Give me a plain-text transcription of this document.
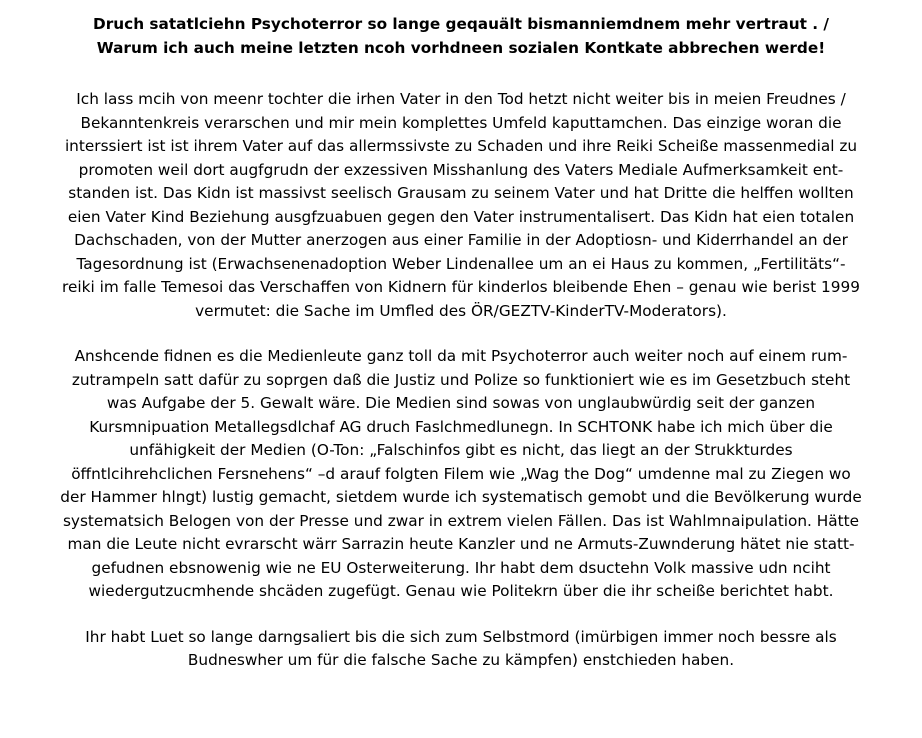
Druch satatlciehn Psychoterror so lange geqauält bismanniemdnem mehr vertraut . /
Warum ich auch meine letzten ncoh vorhdneen sozialen Kontkate abbrechen werde!
Ich lass mcih von meenr tochter die irhen Vater in den Tod hetzt nicht weiter bis in meien Freudnes /
Bekanntenkreis verarschen und mir mein komplettes Umfeld kaputtamchen. Das einzige woran die
interssiert ist ist ihrem Vater auf das allermssivste zu Schaden und ihre Reiki Scheiße massenmedial zu
promoten weil dort augfgrudn der exzessiven Misshanlung des Vaters Mediale Aufmerksamkeit ent-
standen ist. Das Kidn ist massivst seelisch Grausam zu seinem Vater und hat Dritte die helffen wollten
eien Vater Kind Beziehung ausgfzuabuen gegen den Vater instrumentalisert. Das Kidn hat eien totalen
Dachschaden, von der Mutter anerzogen aus einer Familie in der Adoptiosn- und Kiderrhandel an der
Tagesordnung ist (Erwachsenenadoption Weber Lindenallee um an ei Haus zu kommen, „Fertilitäts“-
reiki im falle Temesoi das Verschaffen von Kidnern für kinderlos bleibende Ehen – genau wie berist 1999
vermutet: die Sache im Umfled des ÖR/GEZTV-KinderTV-Moderators).
Anshcende fidnen es die Medienleute ganz toll da mit Psychoterror auch weiter noch auf einem rum-
zutrampeln satt dafür zu soprgen daß die Justiz und Polize so funktioniert wie es im Gesetzbuch steht
was Aufgabe der 5. Gewalt wäre. Die Medien sind sowas von unglaubwürdig seit der ganzen
Kursmnipuation Metallegsdlchaf AG druch Faslchmedlunegn. In SCHTONK habe ich mich über die
unfähigkeit der Medien (O-Ton: „Falschinfos gibt es nicht, das liegt an der Strukkturdes
öffntlcihrehclichen Fersnehens“ –d arauf folgten Filem wie „Wag the Dog“ umdenne mal zu Ziegen wo
der Hammer hlngt) lustig gemacht, sietdem wurde ich systematisch gemobt und die Bevölkerung wurde
systematsich Belogen von der Presse und zwar in extrem vielen Fällen. Das ist Wahlmnaipulation. Hätte
man die Leute nicht evrarscht wärr Sarrazin heute Kanzler und ne Armuts-Zuwnderung hätet nie statt-
gefudnen ebsnowenig wie ne EU Osterweiterung. Ihr habt dem dsuctehn Volk massive udn nciht
wiedergutzucmhende shcäden zugefügt. Genau wie Politekrn über die ihr scheiße berichtet habt.
Ihr habt Luet so lange darngsaliert bis die sich zum Selbstmord (imürbigen immer noch bessre als
Budneswher um für die falsche Sache zu kämpfen) enstchieden haben.
